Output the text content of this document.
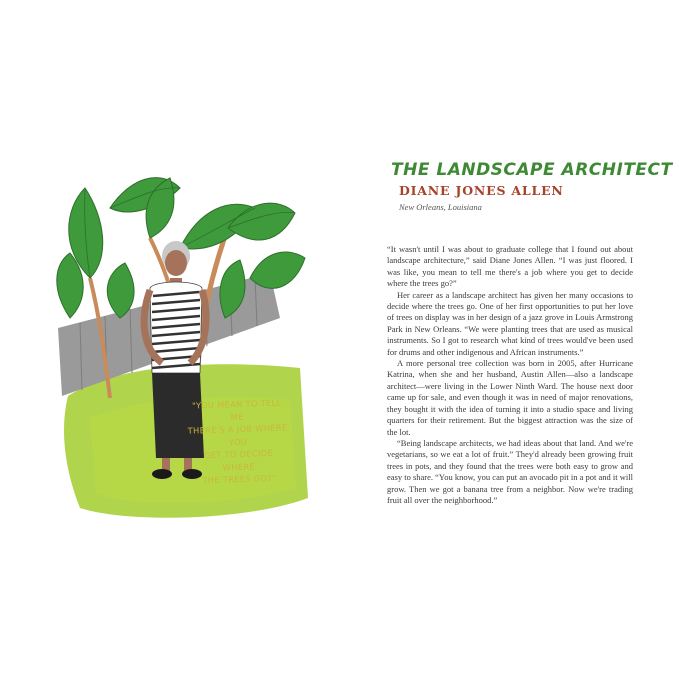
"YOU MEAN TO TELL ME
THERE'S A JOB WHERE YOU
GET TO DECIDE WHERE
THE TREES GO?"
THE LANDSCAPE ARCHITECT
DIANE JONES ALLEN
New Orleans, Louisiana

“It wasn't until I was about to graduate college that I found out about landscape architecture,” said Diane Jones Allen. “I was just floored. I was like, you mean to tell me there's a job where you get to decide where the trees go?”

Her career as a landscape architect has given her many occasions to decide where the trees go. One of her first opportunities to put her love of trees on display was in her design of a jazz grove in Louis Armstrong Park in New Orleans. “We were planting trees that are used as musical instruments. So I got to research what kind of trees would've been used for drums and other indigenous and African instruments.”

A more personal tree collection was born in 2005, after Hurricane Katrina, when she and her husband, Austin Allen—also a landscape architect—were living in the Lower Ninth Ward. The house next door came up for sale, and even though it was in need of major renovations, they bought it with the idea of turning it into a studio space and living quarters for their retirement. But the biggest attraction was the size of the lot.

“Being landscape architects, we had ideas about that land. And we're vegetarians, so we eat a lot of fruit.” They'd already been growing fruit trees in pots, and they found that the trees were both easy to grow and easy to share. “You know, you can put an avocado pit in a pot and it will grow. Then we got a banana tree from a neighbor. Now we're trading fruit all over the neighborhood.”
